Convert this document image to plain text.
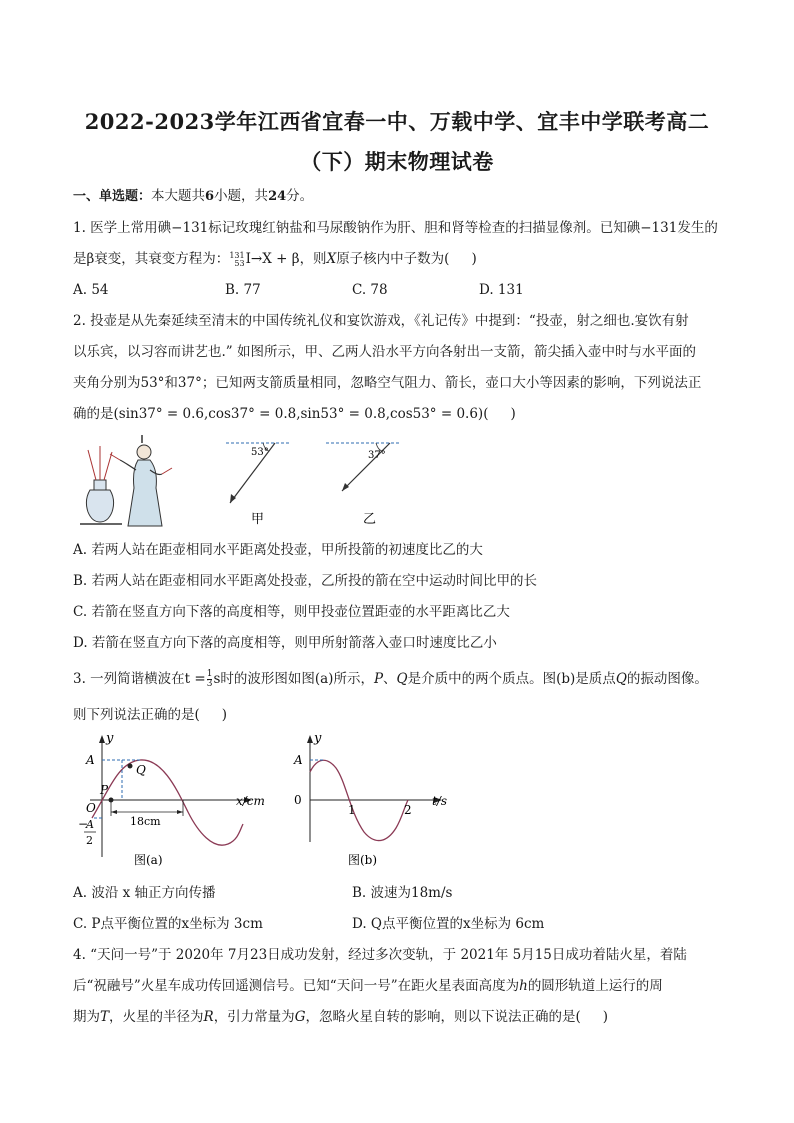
2022-2023学年江西省宜春一中、万载中学、宜丰中学联考高二
（下）期末物理试卷
一、单选题：本大题共6小题，共24分。
1. 医学上常用碘−131标记玫瑰红钠盐和马尿酸钠作为肝、胆和肾等检查的扫描显像剂。已知碘−131发生的
是β衰变，其衰变方程为： 131
53 I→X + β，则X原子核内中子数为( )
A. 54	B. 77	C. 78	D. 131
2. 投壶是从先秦延续至清末的中国传统礼仪和宴饮游戏，《礼记传》中提到：“投壶，射之细也.宴饮有射
以乐宾，以习容而讲艺也.” 如图所示，甲、乙两人沿水平方向各射出一支箭，箭尖插入壶中时与水平面的
夹角分别为53°和37°；已知两支箭质量相同，忽略空气阻力、箭长，壶口大小等因素的影响，下列说法正
确的是(sin37° = 0.6,cos37° = 0.8,sin53° = 0.8,cos53° = 0.6)( )
53°
甲
37°
乙
A. 若两人站在距壶相同水平距离处投壶，甲所投箭的初速度比乙的大
B. 若两人站在距壶相同水平距离处投壶，乙所投的箭在空中运动时间比甲的长
C. 若箭在竖直方向下落的高度相等，则甲投壶位置距壶的水平距离比乙大
D. 若箭在竖直方向下落的高度相等，则甲所射箭落入壶口时速度比乙小
3. 一列简谐横波在$t = \frac{1}{3}$ s时的波形图如图(a)所示，P、Q是介质中的两个质点。图(b)是质点Q的振动图像。
则下列说法正确的是( )
y
A
Q
P
O	x/cm
18cm
−
A
2
图(a)
y
A
0
1	2
t/s
图(b)
A. 波沿 x 轴正方向传播	B. 波速为18m/s
C. P点平衡位置的x坐标为 3cm	D. Q点平衡位置的x坐标为 6cm
4. “天问一号”于 2020年 7月23日成功发射，经过多次变轨，于 2021年 5月15日成功着陆火星，着陆
后“祝融号”火星车成功传回遥测信号。已知“天问一号”在距火星表面高度为h的圆形轨道上运行的周
期为T，火星的半径为R，引力常量为G，忽略火星自转的影响，则以下说法正确的是( )
